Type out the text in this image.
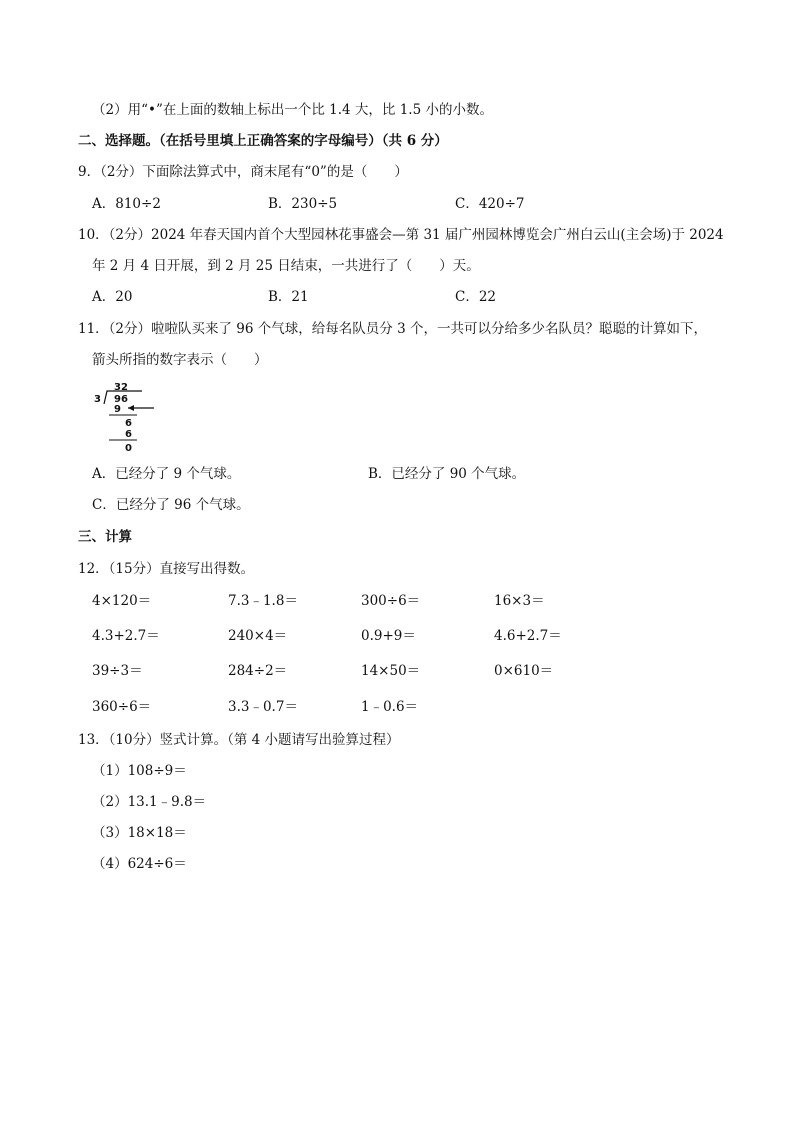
（2）用“•”在上面的数轴上标出一个比 1.4 大，比 1.5 小的小数。
二、选择题。（在括号里填上正确答案的字母编号）（共 6 分）
9．（2分）下面除法算式中，商末尾有“0”的是（　　）
A．810÷2	B．230÷5	C．420÷7
10．（2分）2024 年春天国内首个大型园林花事盛会—第 31 届广州园林博览会广州白云山(主会场)于 2024
年 2 月 4 日开展，到 2 月 25 日结束，一共进行了（　　）天。
A．20	B．21	C．22
11．（2分）啦啦队买来了 96 个气球，给每名队员分 3 个，一共可以分给多少名队员？聪聪的计算如下，
箭头所指的数字表示（　　）
32
3 96
9
6
6
0
A．已经分了 9 个气球。	B．已经分了 90 个气球。
C．已经分了 96 个气球。
三、计算
12．（15分）直接写出得数。
4×120＝	7.3﹣1.8＝	300÷6＝	16×3＝
4.3+2.7＝	240×4＝	0.9+9＝	4.6+2.7＝
39÷3＝	284÷2＝	14×50＝	0×610＝
360÷6＝	3.3﹣0.7＝	1﹣0.6＝
13．（10分）竖式计算。（第 4 小题请写出验算过程）
（1）108÷9＝
（2）13.1﹣9.8＝
（3）18×18＝
（4）624÷6＝
